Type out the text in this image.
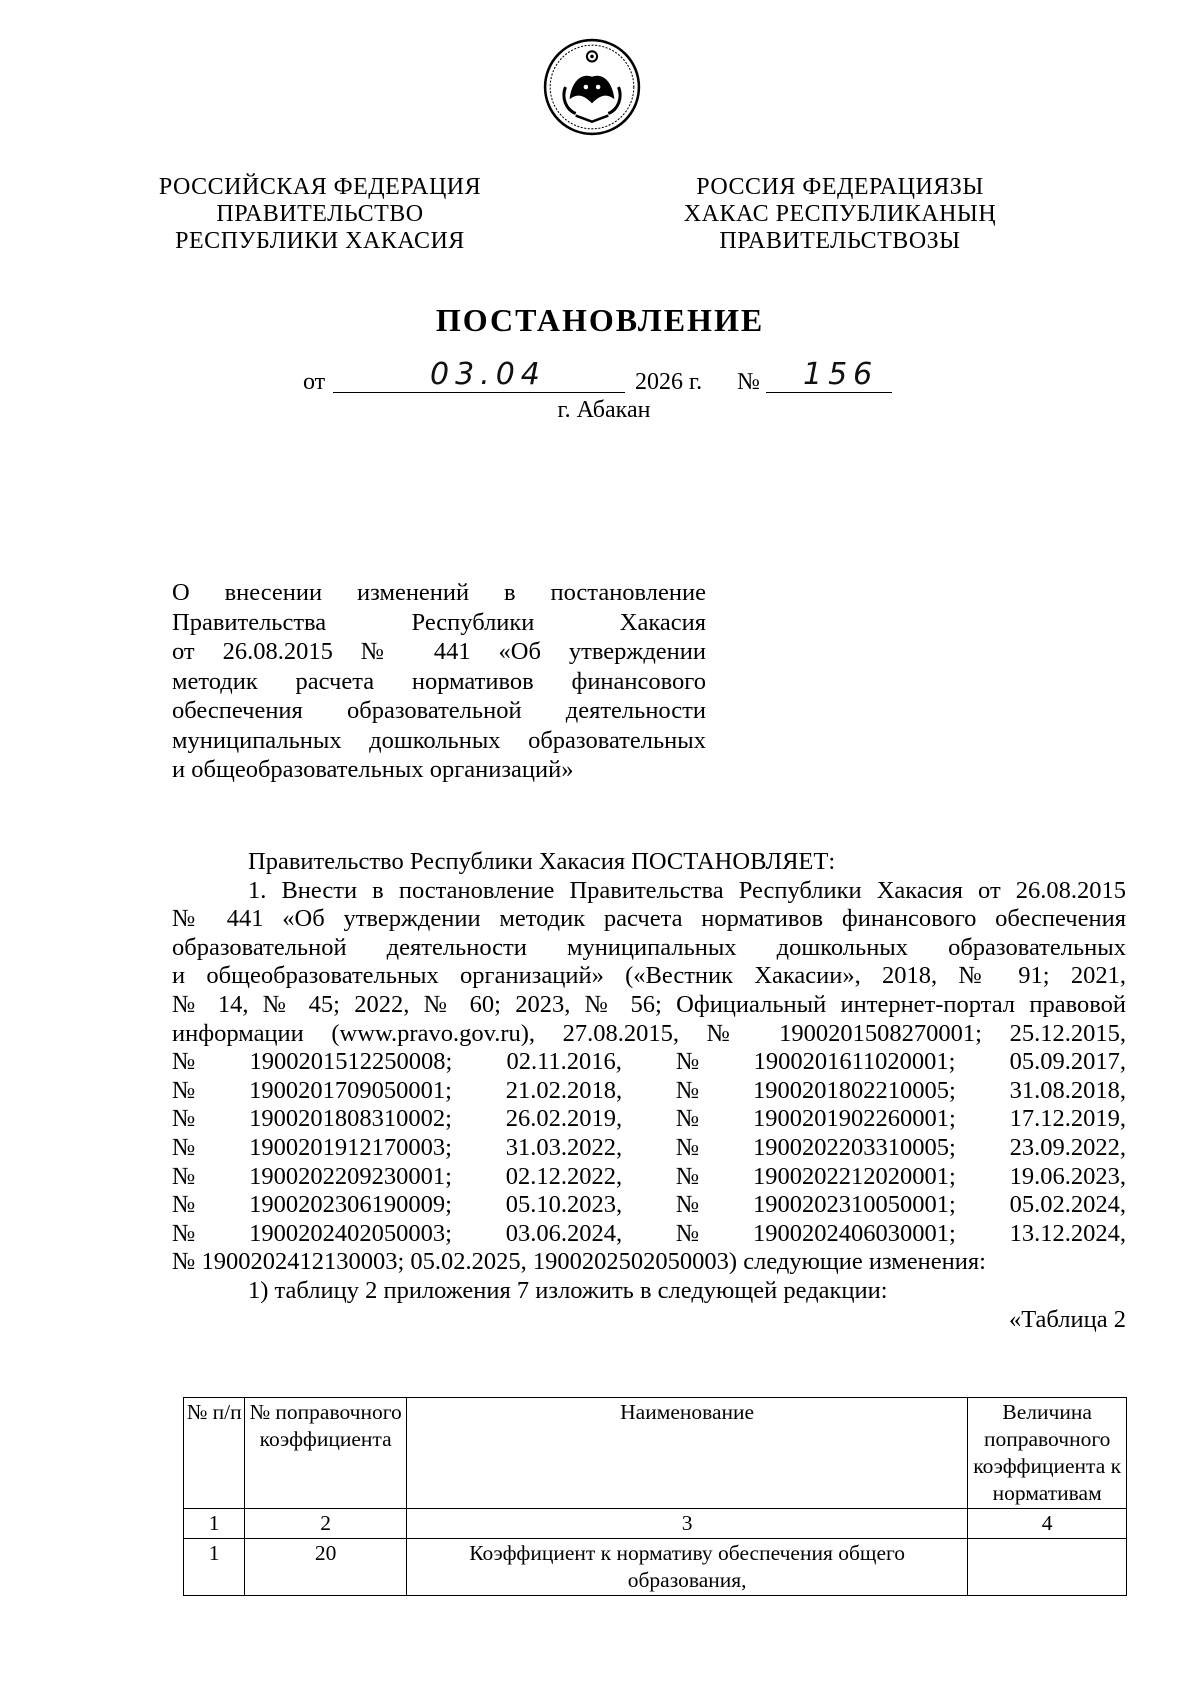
РОССИЙСКАЯ ФЕДЕРАЦИЯ
ПРАВИТЕЛЬСТВО
РЕСПУБЛИКИ ХАКАСИЯ
РОССИЯ ФЕДЕРАЦИЯЗЫ
ХАКАС РЕСПУБЛИКАНЫҢ
ПРАВИТЕЛЬСТВОЗЫ
ПОСТАНОВЛЕНИЕ
от	03.04	2026 г. № 156
г. Абакан
О внесении изменений в постановление
Правительства Республики Хакасия
от 26.08.2015 № 441 «Об утверждении
методик расчета нормативов финансового
обеспечения образовательной деятельности
муниципальных дошкольных образовательных
и общеобразовательных организаций»

Правительство Республики Хакасия ПОСТАНОВЛЯЕТ:

1. Внести в постановление Правительства Республики Хакасия от 26.08.2015

№ 441 «Об утверждении методик расчета нормативов финансового обеспечения

образовательной деятельности муниципальных дошкольных образовательных

и общеобразовательных организаций» («Вестник Хакасии», 2018, № 91; 2021,

№ 14, № 45; 2022, № 60; 2023, № 56; Официальный интернет-портал правовой

информации (www.pravo.gov.ru), 27.08.2015, № 1900201508270001; 25.12.2015,

№ 1900201512250008; 02.11.2016, № 1900201611020001; 05.09.2017,
№ 1900201709050001; 21.02.2018, № 1900201802210005; 31.08.2018,
№ 1900201808310002; 26.02.2019, № 1900201902260001; 17.12.2019,
№ 1900201912170003; 31.03.2022, № 1900202203310005; 23.09.2022,
№ 1900202209230001; 02.12.2022, № 1900202212020001; 19.06.2023,
№ 1900202306190009; 05.10.2023, № 1900202310050001; 05.02.2024,
№ 1900202402050003; 03.06.2024, № 1900202406030001; 13.12.2024,

№ 1900202412130003; 05.02.2025, 1900202502050003) следующие изменения:

1) таблицу 2 приложения 7 изложить в следующей редакции:

«Таблица 2

№ п/п	№ поправочного коэффициента	Наименование	Величина поправочного коэффициента к нормативам
1	2	3	4
1	20	Коэффициент к нормативу обеспечения общего образования,	
